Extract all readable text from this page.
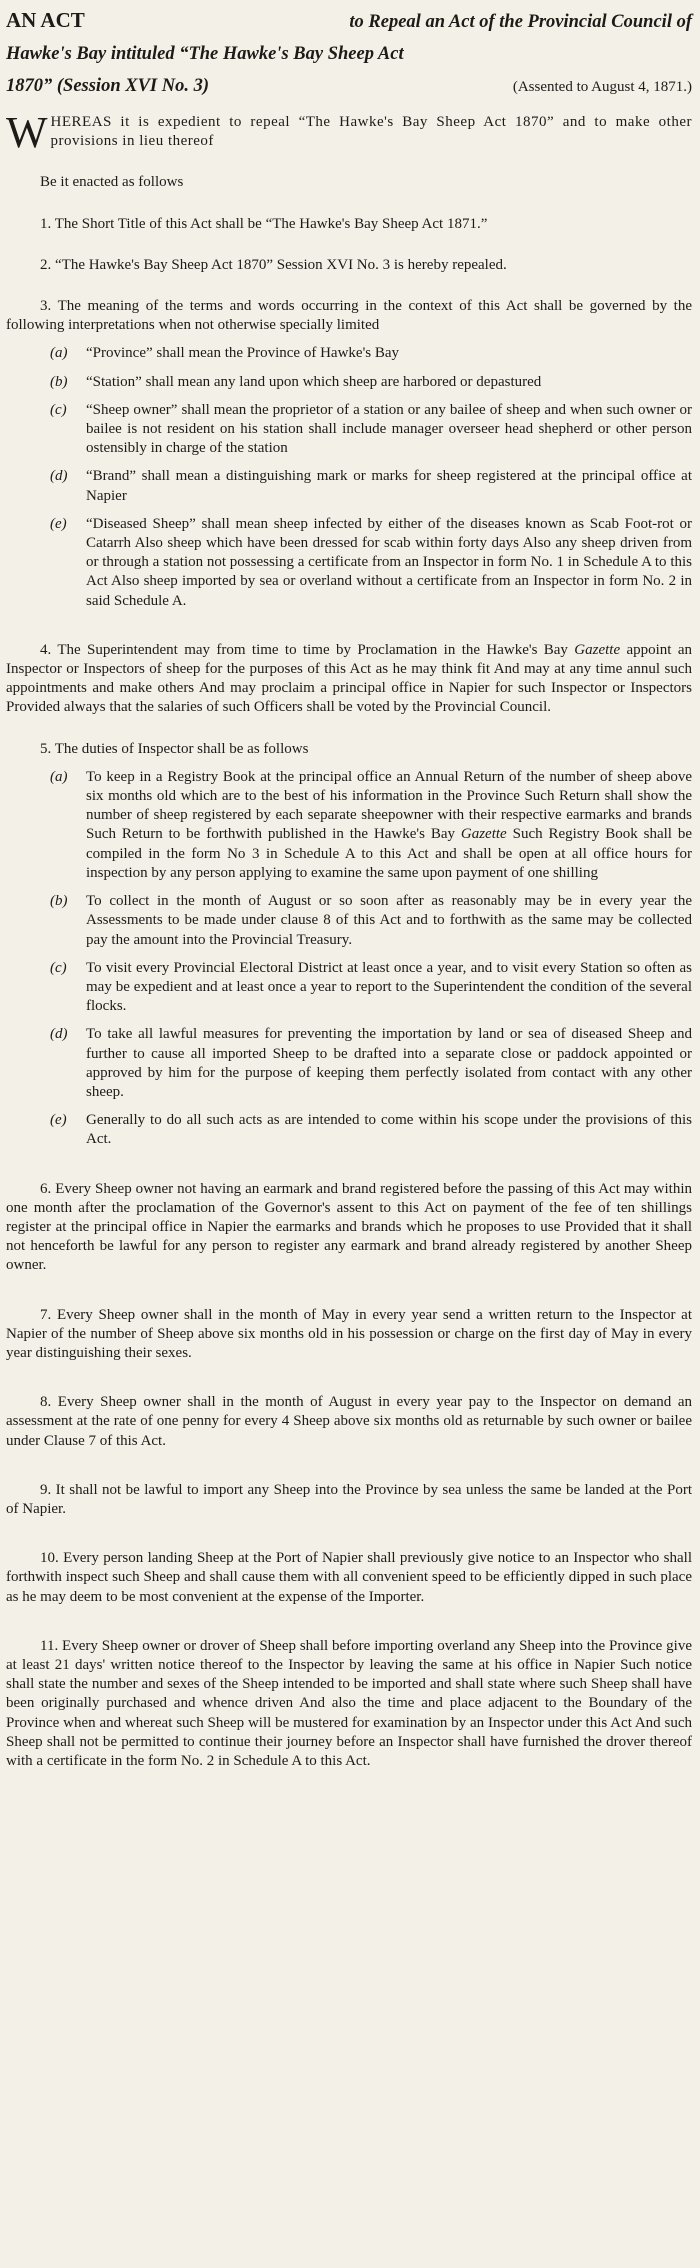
AN ACT	to Repeal an Act of the Provincial Council of
Hawke's Bay intituled “The Hawke's Bay Sheep Act
1870” (Session XVI No. 3)	(Assented to August 4, 1871.)
W HEREAS it is expedient to repeal “The Hawke's Bay Sheep Act 1870” and to make other provisions in lieu thereof

Be it enacted as follows

1. The Short Title of this Act shall be “The Hawke's Bay Sheep Act 1871.”

2. “The Hawke's Bay Sheep Act 1870” Session XVI No. 3 is hereby repealed.

3. The meaning of the terms and words occurring in the context of this Act shall be governed by the following interpretations when not otherwise specially limited

(a)	“Province” shall mean the Province of Hawke's Bay
(b)	“Station” shall mean any land upon which sheep are harbored or depastured
(c)	“Sheep owner” shall mean the proprietor of a station or any bailee of sheep and when such owner or bailee is not resident on his station shall include manager overseer head shepherd or other person ostensibly in charge of the station
(d)	“Brand” shall mean a distinguishing mark or marks for sheep registered at the principal office at Napier
(e)	“Diseased Sheep” shall mean sheep infected by either of the diseases known as Scab Foot-rot or Catarrh Also sheep which have been dressed for scab within forty days Also any sheep driven from or through a station not possessing a certificate from an Inspector in form No. 1 in Schedule A to this Act Also sheep imported by sea or overland without a certificate from an Inspector in form No. 2 in said Schedule A.

4. The Superintendent may from time to time by Proclamation in the Hawke's Bay Gazette appoint an Inspector or Inspectors of sheep for the purposes of this Act as he may think fit And may at any time annul such appointments and make others And may proclaim a principal office in Napier for such Inspector or Inspectors Provided always that the salaries of such Officers shall be voted by the Provincial Council.

5. The duties of Inspector shall be as follows

(a)	To keep in a Registry Book at the principal office an Annual Return of the number of sheep above six months old which are to the best of his information in the Province Such Return shall show the number of sheep registered by each separate sheepowner with their respective earmarks and brands Such Return to be forthwith published in the Hawke's Bay Gazette Such Registry Book shall be compiled in the form No 3 in Schedule A to this Act and shall be open at all office hours for inspection by any person applying to examine the same upon payment of one shilling
(b)	To collect in the month of August or so soon after as reasonably may be in every year the Assessments to be made under clause 8 of this Act and to forthwith as the same may be collected pay the amount into the Provincial Treasury.
(c)	To visit every Provincial Electoral District at least once a year, and to visit every Station so often as may be expedient and at least once a year to report to the Superintendent the condition of the several flocks.
(d)	To take all lawful measures for preventing the importation by land or sea of diseased Sheep and further to cause all imported Sheep to be drafted into a separate close or paddock appointed or approved by him for the purpose of keeping them perfectly isolated from contact with any other sheep.
(e)	Generally to do all such acts as are intended to come within his scope under the provisions of this Act.

6. Every Sheep owner not having an earmark and brand registered before the passing of this Act may within one month after the proclamation of the Governor's assent to this Act on payment of the fee of ten shillings register at the principal office in Napier the earmarks and brands which he proposes to use Provided that it shall not henceforth be lawful for any person to register any earmark and brand already registered by another Sheep owner.

7. Every Sheep owner shall in the month of May in every year send a written return to the Inspector at Napier of the number of Sheep above six months old in his possession or charge on the first day of May in every year distinguishing their sexes.

8. Every Sheep owner shall in the month of August in every year pay to the Inspector on demand an assessment at the rate of one penny for every 4 Sheep above six months old as returnable by such owner or bailee under Clause 7 of this Act.

9. It shall not be lawful to import any Sheep into the Province by sea unless the same be landed at the Port of Napier.

10. Every person landing Sheep at the Port of Napier shall previously give notice to an Inspector who shall forthwith inspect such Sheep and shall cause them with all convenient speed to be efficiently dipped in such place as he may deem to be most convenient at the expense of the Importer.

11. Every Sheep owner or drover of Sheep shall before importing overland any Sheep into the Province give at least 21 days' written notice thereof to the Inspector by leaving the same at his office in Napier Such notice shall state the number and sexes of the Sheep intended to be imported and shall state where such Sheep shall have been originally purchased and whence driven And also the time and place adjacent to the Boundary of the Province when and whereat such Sheep will be mustered for examination by an Inspector under this Act And such Sheep shall not be permitted to continue their journey before an Inspector shall have furnished the drover thereof with a certificate in the form No. 2 in Schedule A to this Act.
